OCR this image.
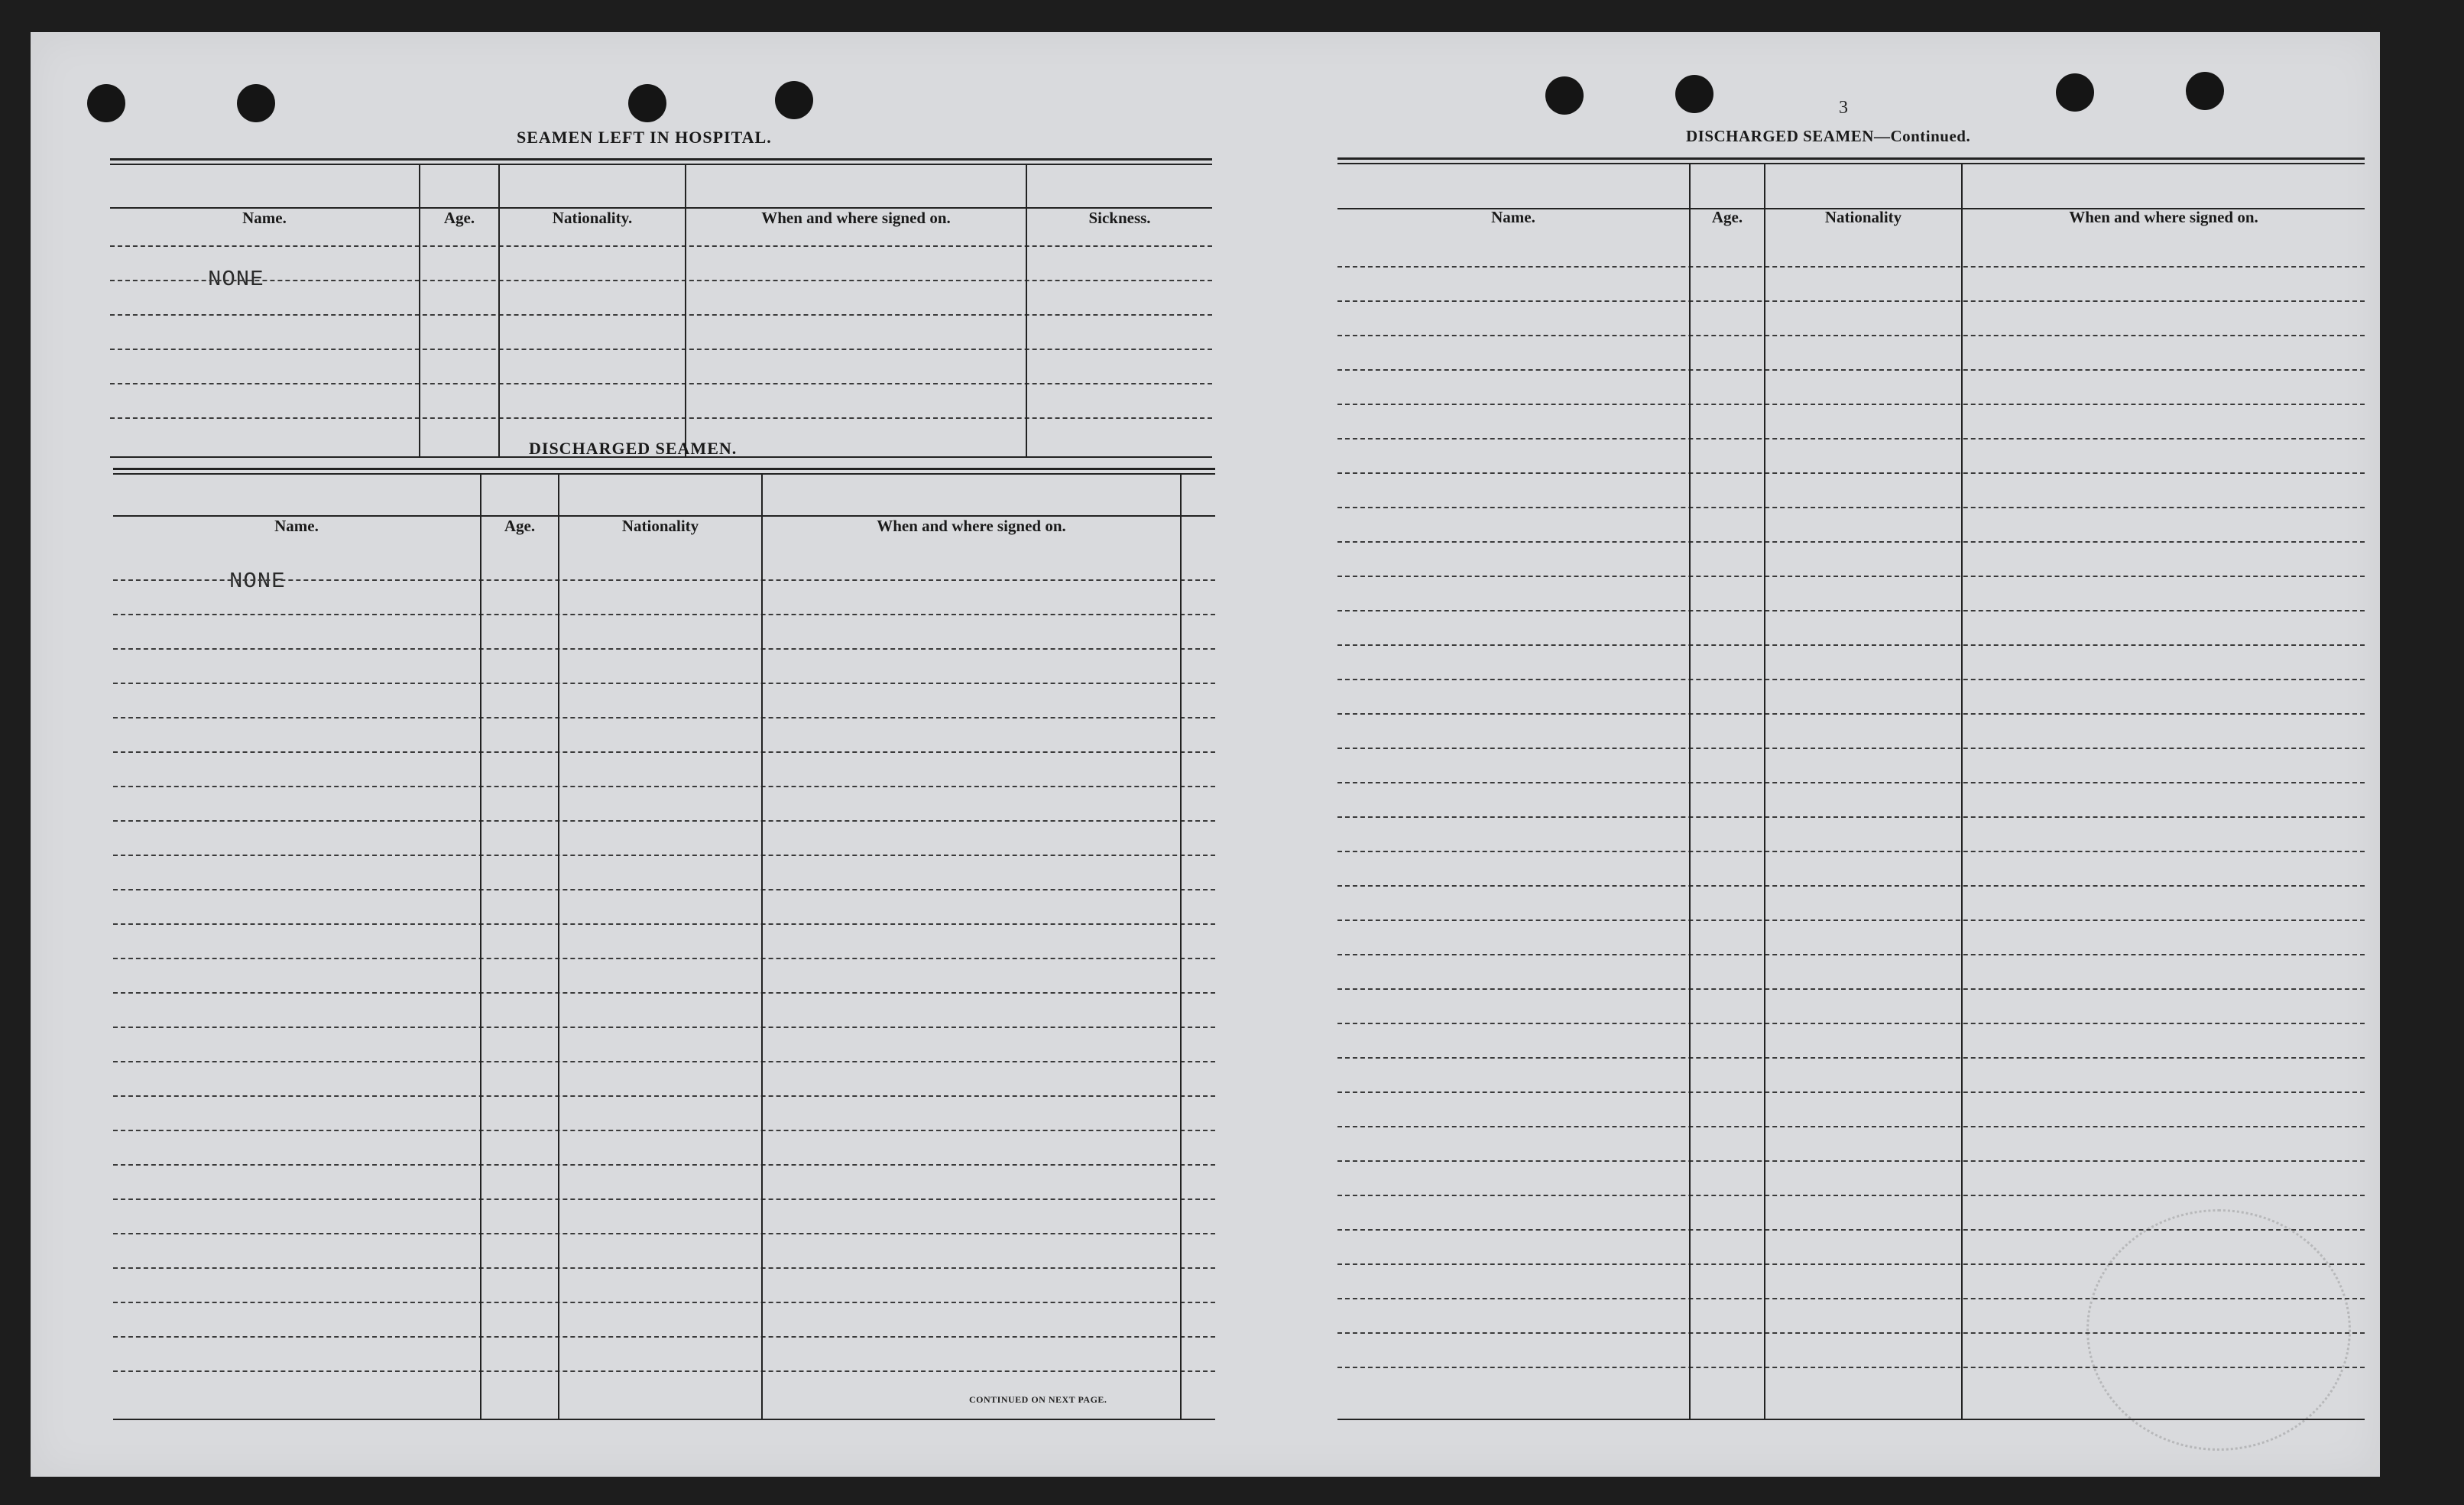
SEAMEN LEFT IN HOSPITAL.
Name.	Age.	Nationality.	When and where signed on.	Sickness.
NONE
DISCHARGED SEAMEN.
Name.	Age.	Nationality	When and where signed on.
NONE
CONTINUED ON NEXT PAGE.
3
DISCHARGED SEAMEN—Continued.
Name.	Age.	Nationality	When and where signed on.
